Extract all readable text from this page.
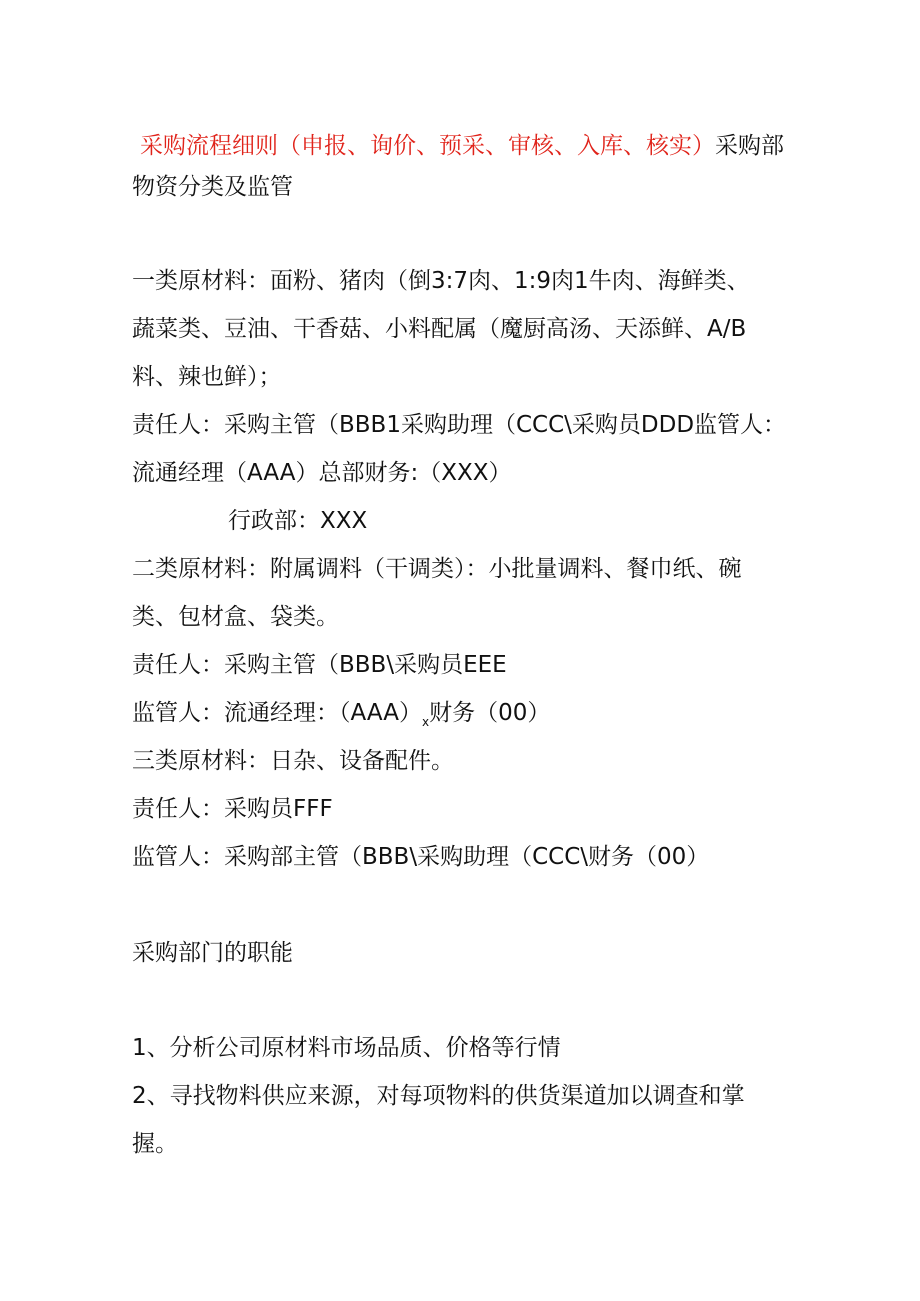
采购流程细则（申报、询价、预采、审核、入库、核实）采购部
物资分类及监管
一类原材料：面粉、猪肉（倒3:7肉、1:9肉1牛肉、海鲜类、
蔬菜类、豆油、干香菇、小料配属（魔厨高汤、天添鲜、A/B
料、辣也鲜）；
责任人：采购主管（BBB1采购助理（CCC\采购员DDD监管人：
流通经理（AAA）总部财务:（XXX）
行政部：XXX
二类原材料：附属调料（干调类）：小批量调料、餐巾纸、碗
类、包材盒、袋类。
责任人：采购主管（BBB\采购员EEE
监管人：流通经理：$(AAA)_x$财务（00）
三类原材料：日杂、设备配件。
责任人：采购员FFF
监管人：采购部主管（BBB\采购助理（CCC\财务（00）
采购部门的职能
1、分析公司原材料市场品质、价格等行情
2、寻找物料供应来源，对每项物料的供货渠道加以调查和掌
握。
